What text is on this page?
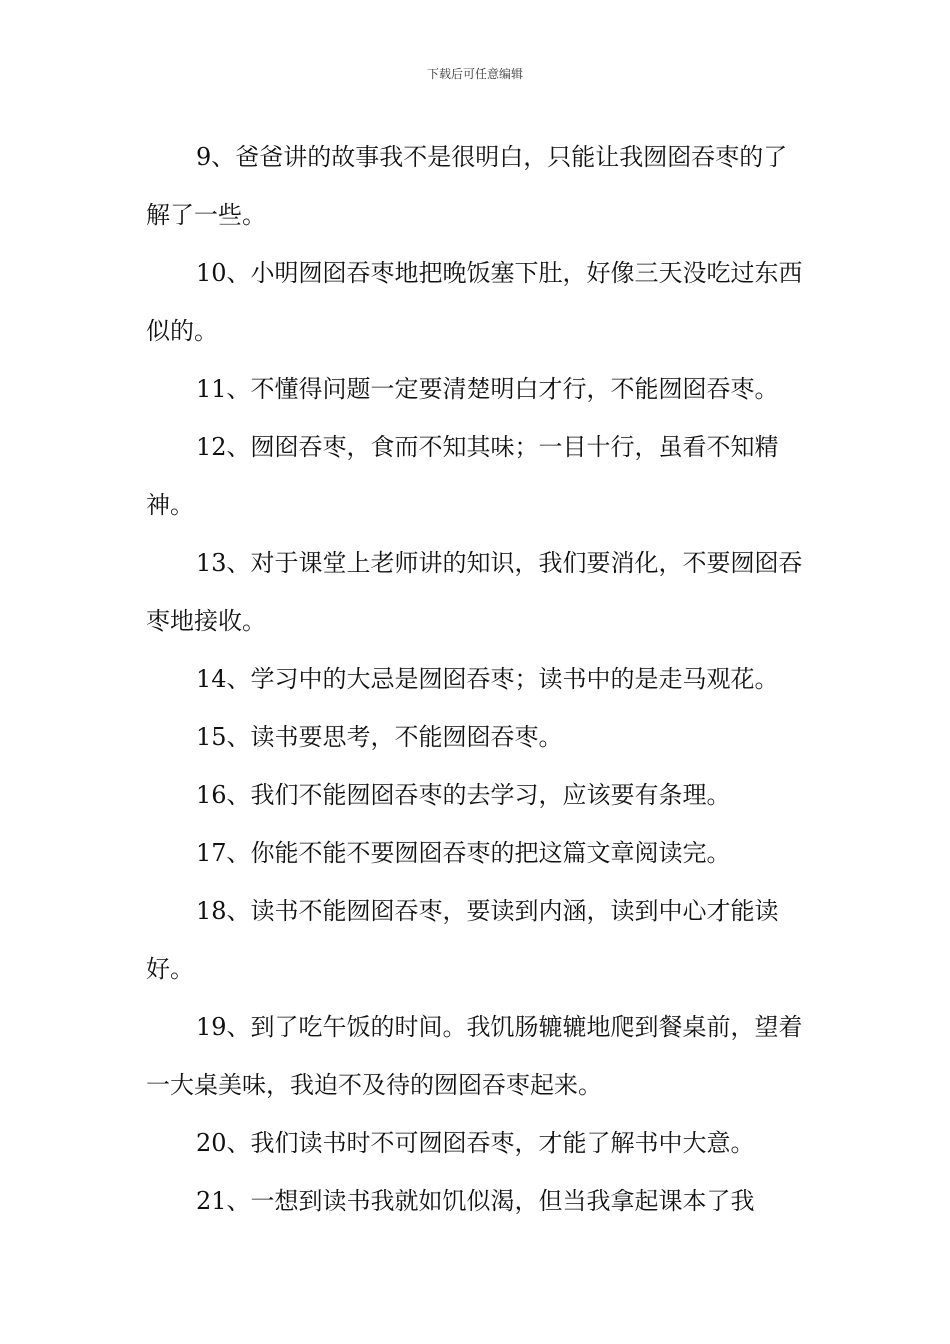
下载后可任意编辑

9、爸爸讲的故事我不是很明白，只能让我囫囵吞枣的了解了一些。

10、小明囫囵吞枣地把晚饭塞下肚，好像三天没吃过东西似的。

11、不懂得问题一定要清楚明白才行，不能囫囵吞枣。

12、囫囵吞枣，食而不知其味；一目十行，虽看不知精神。

13、对于课堂上老师讲的知识，我们要消化，不要囫囵吞枣地接收。

14、学习中的大忌是囫囵吞枣；读书中的是走马观花。

15、读书要思考，不能囫囵吞枣。

16、我们不能囫囵吞枣的去学习，应该要有条理。

17、你能不能不要囫囵吞枣的把这篇文章阅读完。

18、读书不能囫囵吞枣，要读到内涵，读到中心才能读好。

19、到了吃午饭的时间。我饥肠辘辘地爬到餐桌前，望着一大桌美味，我迫不及待的囫囵吞枣起来。

20、我们读书时不可囫囵吞枣，才能了解书中大意。

21、一想到读书我就如饥似渴，但当我拿起课本了我
